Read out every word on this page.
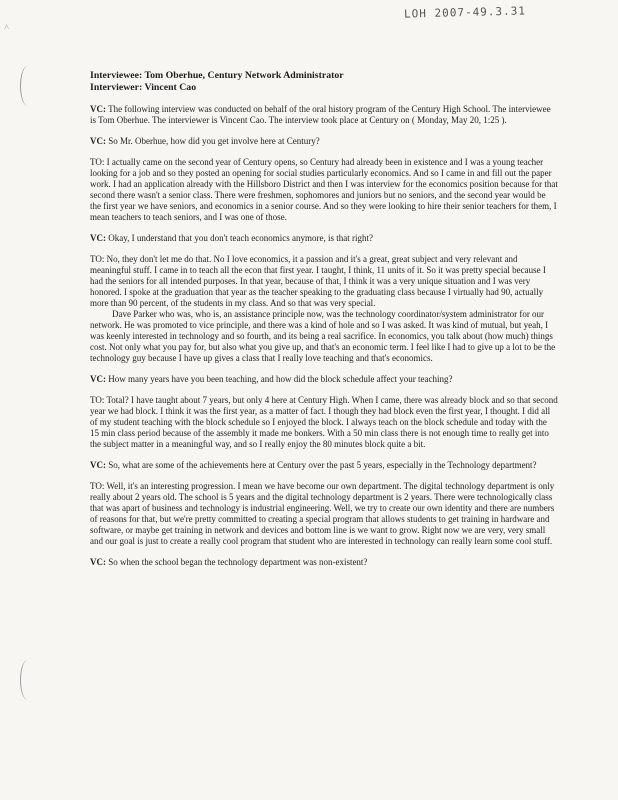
LOH 2007-49.3.31
˄
Interviewee: Tom Oberhue, Century Network Administrator
Interviewer: Vincent Cao

VC: The following interview was conducted on behalf of the oral history program of the Century High School. The interviewee is Tom Oberhue. The interviewer is Vincent Cao. The interview took place at Century on ( Monday, May 20, 1:25 ).

VC: So Mr. Oberhue, how did you get involve here at Century?

TO: I actually came on the second year of Century opens, so Century had already been in existence and I was a young teacher looking for a job and so they posted an opening for social studies particularly economics. And so I came in and fill out the paper work. I had an application already with the Hillsboro District and then I was interview for the economics position because for that second there wasn't a senior class. There were freshmen, sophomores and juniors but no seniors, and the second year would be the first year we have seniors, and economics in a senior course. And so they were looking to hire their senior teachers for them, I mean teachers to teach seniors, and I was one of those.

VC: Okay, I understand that you don't teach economics anymore, is that right?

TO: No, they don't let me do that. No I love economics, it a passion and it's a great, great subject and very relevant and meaningful stuff. I came in to teach all the econ that first year. I taught, I think, 11 units of it. So it was pretty special because I had the seniors for all intended purposes. In that year, because of that, I think it was a very unique situation and I was very honored. I spoke at the graduation that year as the teacher speaking to the graduating class because I virtually had 90, actually more than 90 percent, of the students in my class. And so that was very special.

Dave Parker who was, who is, an assistance principle now, was the technology coordinator/system administrator for our network. He was promoted to vice principle, and there was a kind of hole and so I was asked. It was kind of mutual, but yeah, I was keenly interested in technology and so fourth, and its being a real sacrifice. In economics, you talk about (how much) things cost. Not only what you pay for, but also what you give up, and that's an economic term. I feel like I had to give up a lot to be the technology guy because I have up gives a class that I really love teaching and that's economics.

VC: How many years have you been teaching, and how did the block schedule affect your teaching?

TO: Total? I have taught about 7 years, but only 4 here at Century High. When I came, there was already block and so that second year we had block. I think it was the first year, as a matter of fact. I though they had block even the first year, I thought. I did all of my student teaching with the block schedule so I enjoyed the block. I always teach on the block schedule and today with the 15 min class period because of the assembly it made me bonkers. With a 50 min class there is not enough time to really get into the subject matter in a meaningful way, and so I really enjoy the 80 minutes block quite a bit.

VC: So, what are some of the achievements here at Century over the past 5 years, especially in the Technology department?

TO: Well, it's an interesting progression. I mean we have become our own department. The digital technology department is only really about 2 years old. The school is 5 years and the digital technology department is 2 years. There were technologically class that was apart of business and technology is industrial engineering. Well, we try to create our own identity and there are numbers of reasons for that, but we're pretty committed to creating a special program that allows students to get training in hardware and software, or maybe get training in network and devices and bottom line is we want to grow. Right now we are very, very small and our goal is just to create a really cool program that student who are interested in technology can really learn some cool stuff.

VC: So when the school began the technology department was non-existent?
